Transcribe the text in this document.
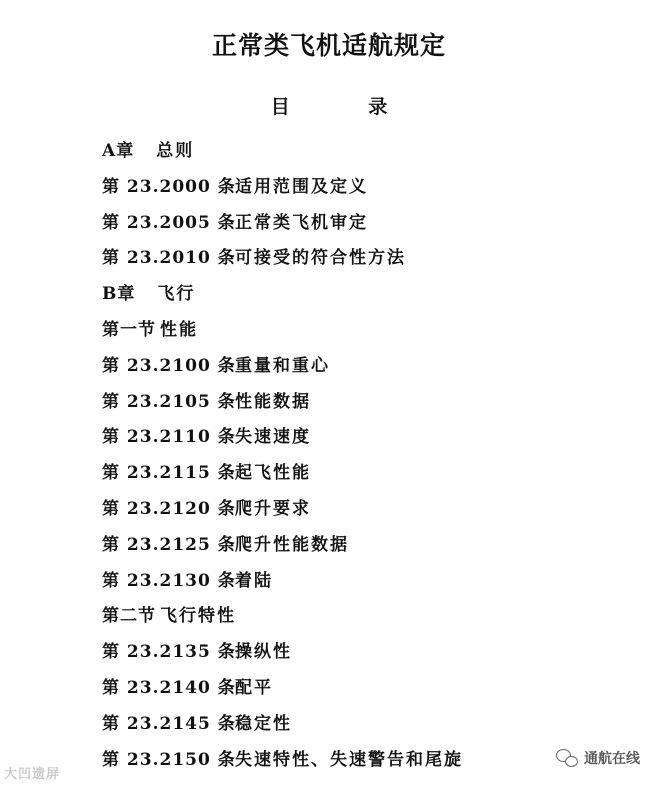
正常类飞机适航规定
目 录
A章 总则
第 23.2000 条适用范围及定义
第 23.2005 条正常类飞机审定
第 23.2010 条可接受的符合性方法
B章 飞行
第一节 性能
第 23.2100 条重量和重心
第 23.2105 条性能数据
第 23.2110 条失速速度
第 23.2115 条起飞性能
第 23.2120 条爬升要求
第 23.2125 条爬升性能数据
第 23.2130 条着陆
第二节 飞行特性
第 23.2135 条操纵性
第 23.2140 条配平
第 23.2145 条稳定性
第 23.2150 条失速特性、失速警告和尾旋
大凹遗屏
通航在线
